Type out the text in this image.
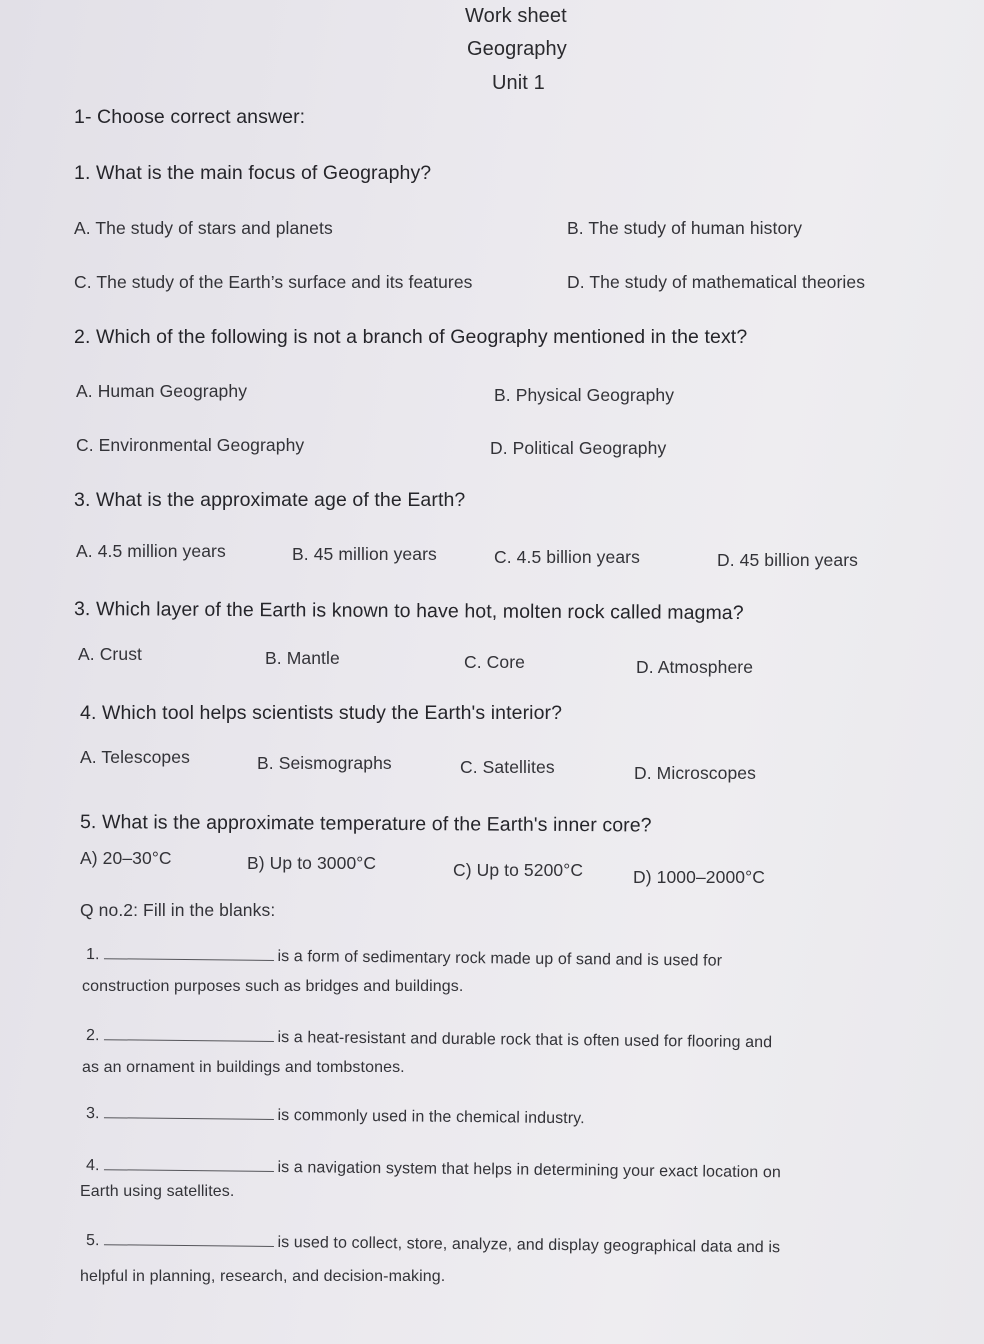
Work sheet
Geography
Unit 1
1- Choose correct answer:
1. What is the main focus of Geography?
A. The study of stars and planets	B. The study of human history
C. The study of the Earth’s surface and its features	D. The study of mathematical theories
2. Which of the following is not a branch of Geography mentioned in the text?
A. Human Geography	B. Physical Geography
C. Environmental Geography	D. Political Geography
3. What is the approximate age of the Earth?
A. 4.5 million years	B. 45 million years	C. 4.5 billion years	D. 45 billion years
3. Which layer of the Earth is known to have hot, molten rock called magma?
A. Crust	B. Mantle	C. Core	D. Atmosphere
4. Which tool helps scientists study the Earth's interior?
A. Telescopes	B. Seismographs	C. Satellites	D. Microscopes
5. What is the approximate temperature of the Earth's inner core?
A) 20–30°C	B) Up to 3000°C	C) Up to 5200°C	D) 1000–2000°C
Q no.2: Fill in the blanks:
1.	is a form of sedimentary rock made up of sand and is used for
construction purposes such as bridges and buildings.
2.	is a heat-resistant and durable rock that is often used for flooring and
as an ornament in buildings and tombstones.
3.	is commonly used in the chemical industry.
4.	is a navigation system that helps in determining your exact location on
Earth using satellites.
5.	is used to collect, store, analyze, and display geographical data and is
helpful in planning, research, and decision-making.
